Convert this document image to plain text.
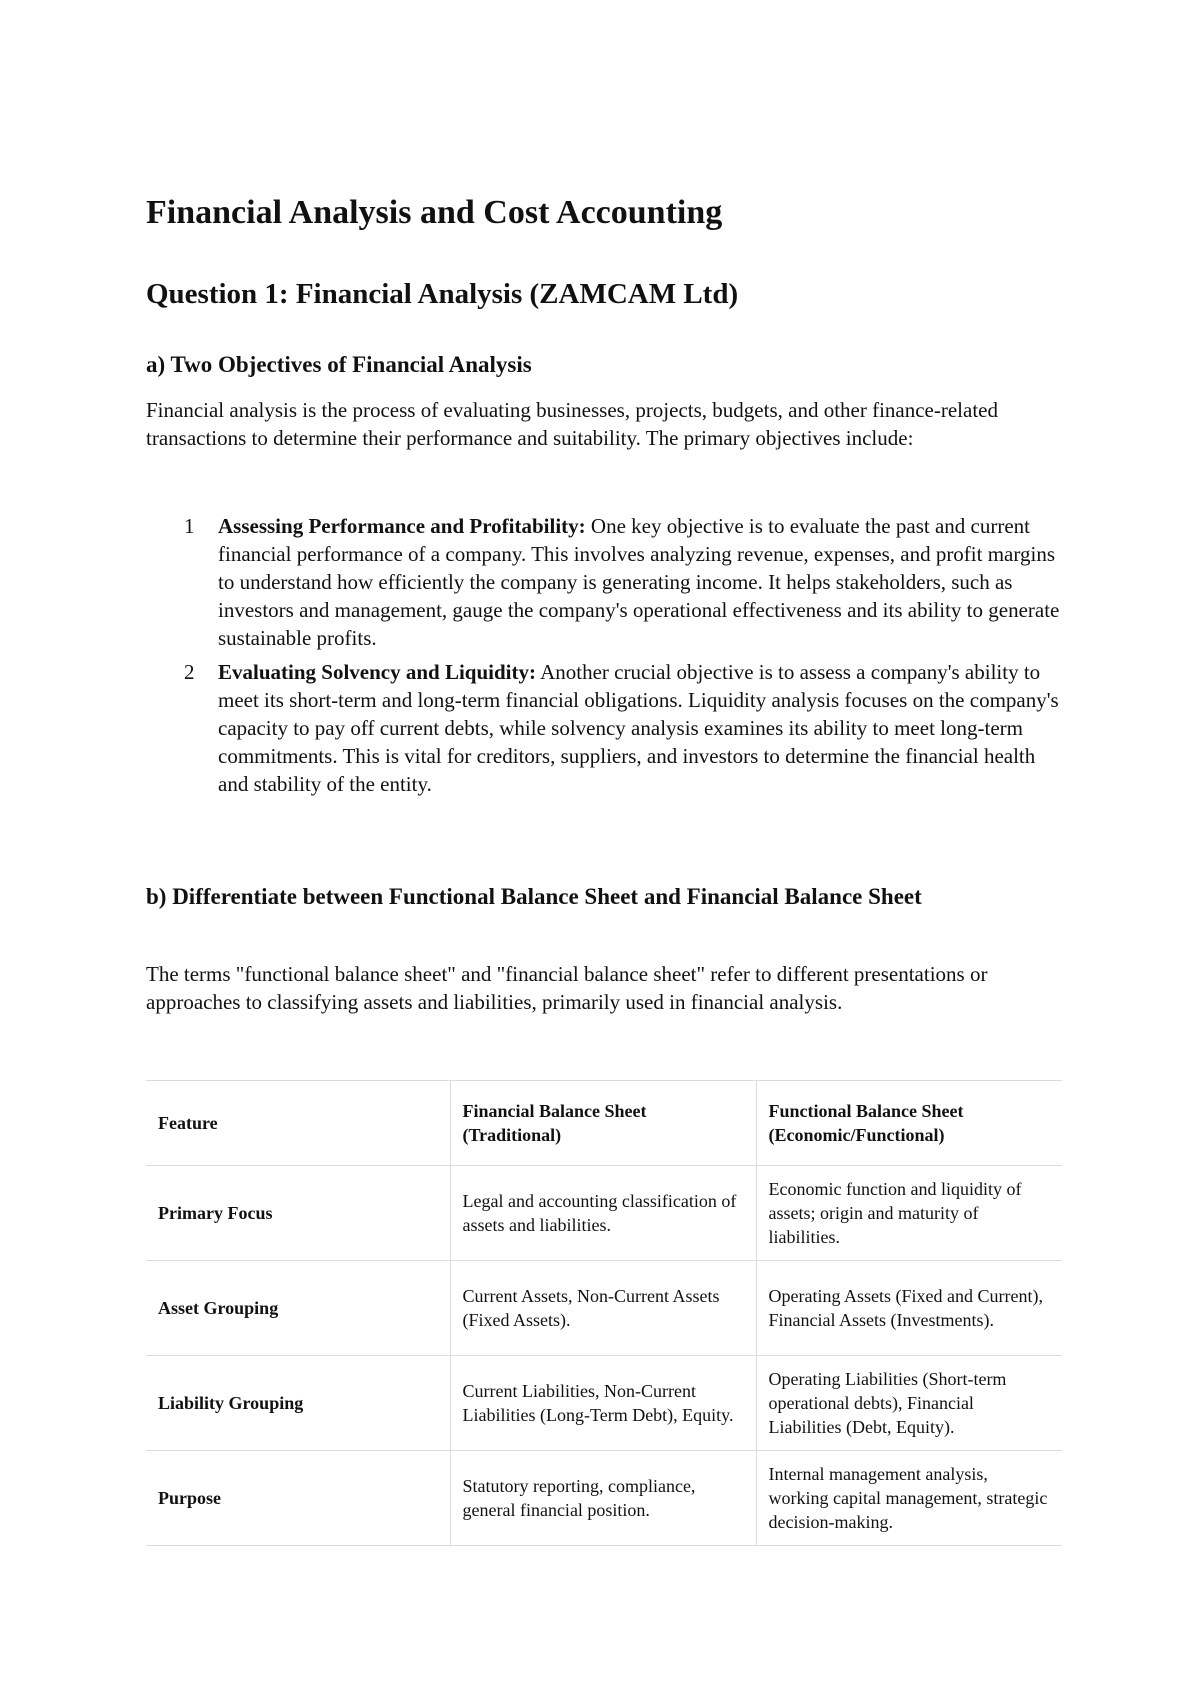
Financial Analysis and Cost Accounting
Question 1: Financial Analysis (ZAMCAM Ltd)
a) Two Objectives of Financial Analysis

Financial analysis is the process of evaluating businesses, projects, budgets, and other finance-related transactions to determine their performance and suitability. The primary objectives include:

1 Assessing Performance and Profitability: One key objective is to evaluate the past and current financial performance of a company. This involves analyzing revenue, expenses, and profit margins to understand how efficiently the company is generating income. It helps stakeholders, such as investors and management, gauge the company's operational effectiveness and its ability to generate sustainable profits.
2 Evaluating Solvency and Liquidity: Another crucial objective is to assess a company's ability to meet its short-term and long-term financial obligations. Liquidity analysis focuses on the company's capacity to pay off current debts, while solvency analysis examines its ability to meet long-term commitments. This is vital for creditors, suppliers, and investors to determine the financial health and stability of the entity.
b) Differentiate between Functional Balance Sheet and Financial Balance Sheet

The terms "functional balance sheet" and "financial balance sheet" refer to different presentations or approaches to classifying assets and liabilities, primarily used in financial analysis.

Feature	Financial Balance Sheet (Traditional)	Functional Balance Sheet (Economic/Functional)
Primary Focus	Legal and accounting classification of assets and liabilities.	Economic function and liquidity of assets; origin and maturity of liabilities.
Asset Grouping	Current Assets, Non-Current Assets (Fixed Assets).	Operating Assets (Fixed and Current), Financial Assets (Investments).
Liability Grouping	Current Liabilities, Non-Current Liabilities (Long-Term Debt), Equity.	Operating Liabilities (Short-term operational debts), Financial Liabilities (Debt, Equity).
Purpose	Statutory reporting, compliance, general financial position.	Internal management analysis, working capital management, strategic decision-making.
